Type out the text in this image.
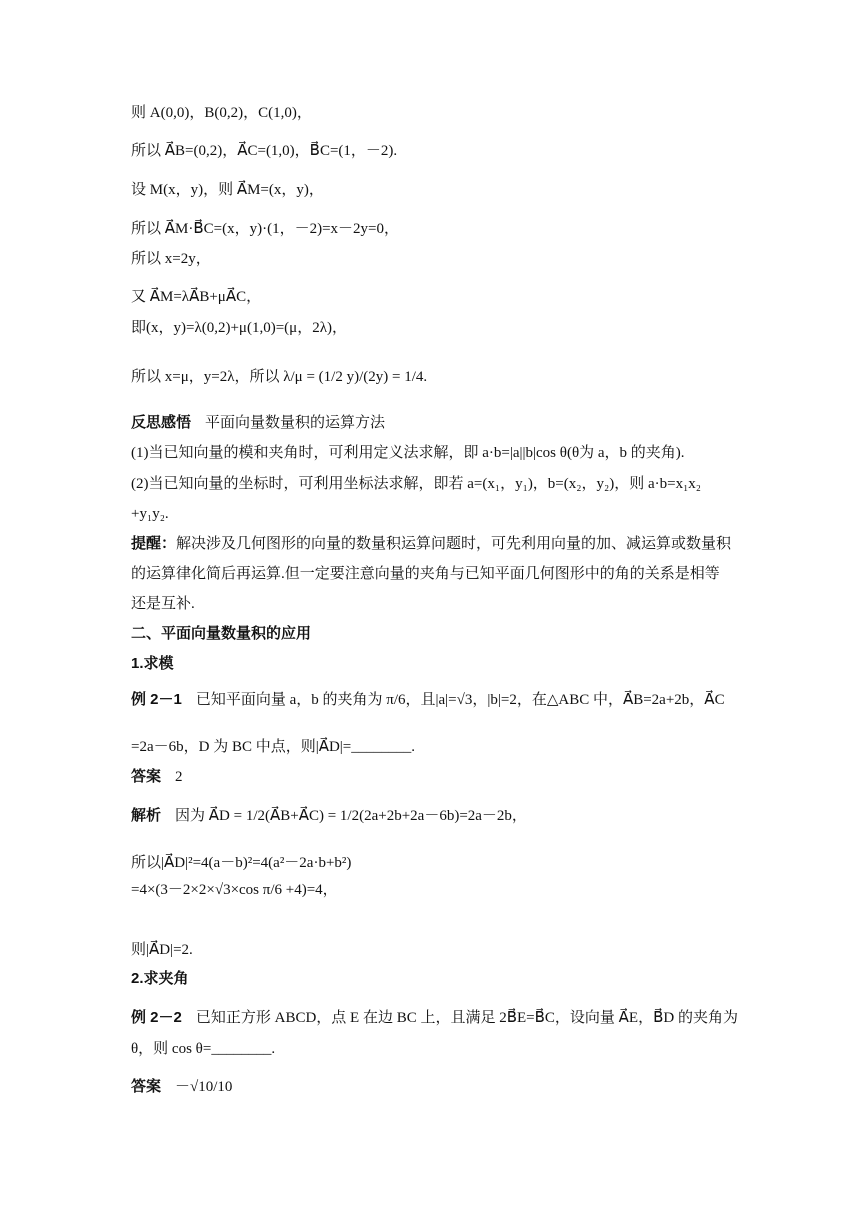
则 A(0,0)，B(0,2)，C(1,0)，
所以 A⃗B=(0,2)，A⃗C=(1,0)，B⃗C=(1，－2).
设 M(x，y)，则 A⃗M=(x，y)，
所以 A⃗M·B⃗C=(x，y)·(1，－2)=x－2y=0，
所以 x=2y，
又 A⃗M=λA⃗B+μA⃗C，
即(x，y)=λ(0,2)+μ(1,0)=(μ，2λ)，
所以 x=μ，y=2λ，所以 λ/μ = (1/2 y)/(2y) = 1/4.
反思感悟 平面向量数量积的运算方法
(1)当已知向量的模和夹角时，可利用定义法求解，即 a·b=|a||b|cos θ(θ为 a，b 的夹角).
(2)当已知向量的坐标时，可利用坐标法求解，即若 a=(x₁，y₁)，b=(x₂，y₂)，则 a·b=x₁x₂
+y₁y₂.
提醒：解决涉及几何图形的向量的数量积运算问题时，可先利用向量的加、减运算或数量积
的运算律化简后再运算.但一定要注意向量的夹角与已知平面几何图形中的角的关系是相等
还是互补.
二、平面向量数量积的应用
1.求模
例 2－1 已知平面向量 a，b 的夹角为 π/6，且|a|=√3，|b|=2，在△ABC 中，A⃗B=2a+2b，A⃗C
=2a－6b，D 为 BC 中点，则|A⃗D|=________.
答案 2
解析 因为 A⃗D = 1/2(A⃗B+A⃗C) = 1/2(2a+2b+2a－6b)=2a－2b，
所以|A⃗D|²=4(a－b)²=4(a²－2a·b+b²)
=4×(3－2×2×√3×cos π/6 +4)=4，
则|A⃗D|=2.
2.求夹角
例 2－2 已知正方形 ABCD，点 E 在边 BC 上，且满足 2B⃗E=B⃗C，设向量 A⃗E，B⃗D 的夹角为
θ，则 cos θ=________.
答案 －√10/10
